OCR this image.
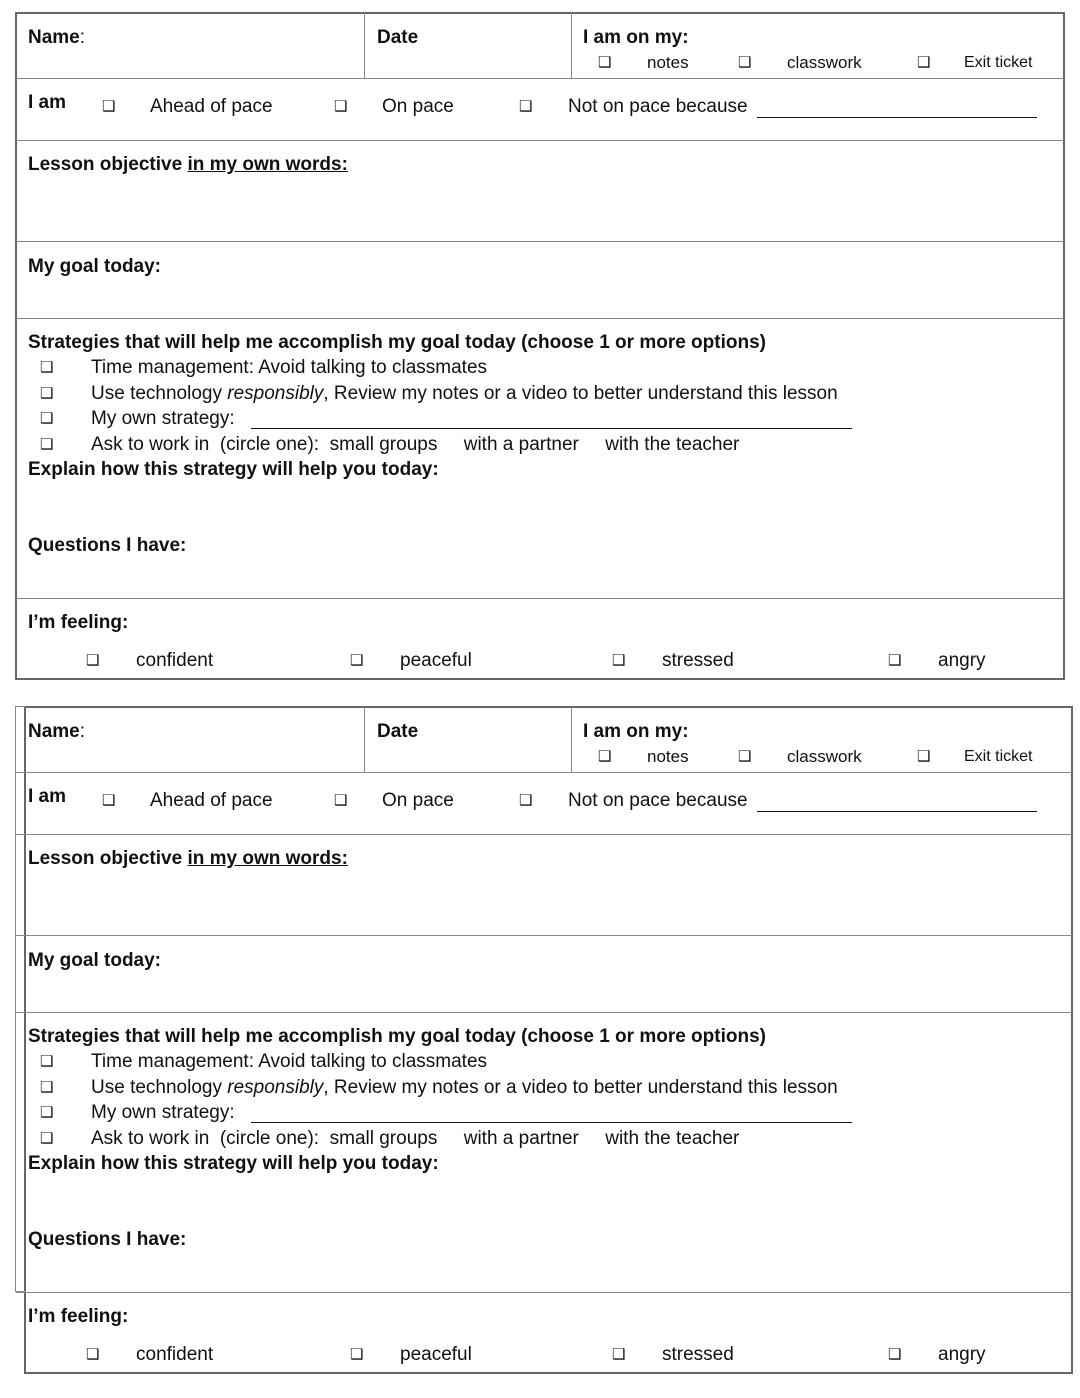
Name:	Date	I am on my:
❑ notes	❑ classwork	❑ Exit ticket
I am ❑ Ahead of pace	❑ On pace	❑ Not on pace because
Lesson objective in my own words:
My goal today:
Strategies that will help me accomplish my goal today (choose 1 or more options)
❑ Time management: Avoid talking to classmates
❑ Use technology responsibly, Review my notes or a video to better understand this lesson
❑ My own strategy:
❑ Ask to work in  (circle one):  small groups     with a partner     with the teacher
Explain how this strategy will help you today:
Questions I have:
I’m feeling:
❑ confident	❑ peaceful	❑ stressed	❑ angry
Name:	Date	I am on my:
❑ notes	❑ classwork	❑ Exit ticket
I am ❑ Ahead of pace	❑ On pace	❑ Not on pace because
Lesson objective in my own words:
My goal today:
Strategies that will help me accomplish my goal today (choose 1 or more options)
❑ Time management: Avoid talking to classmates
❑ Use technology responsibly, Review my notes or a video to better understand this lesson
❑ My own strategy:
❑ Ask to work in  (circle one):  small groups     with a partner     with the teacher
Explain how this strategy will help you today:
Questions I have:
I’m feeling:
❑ confident	❑ peaceful	❑ stressed	❑ angry
